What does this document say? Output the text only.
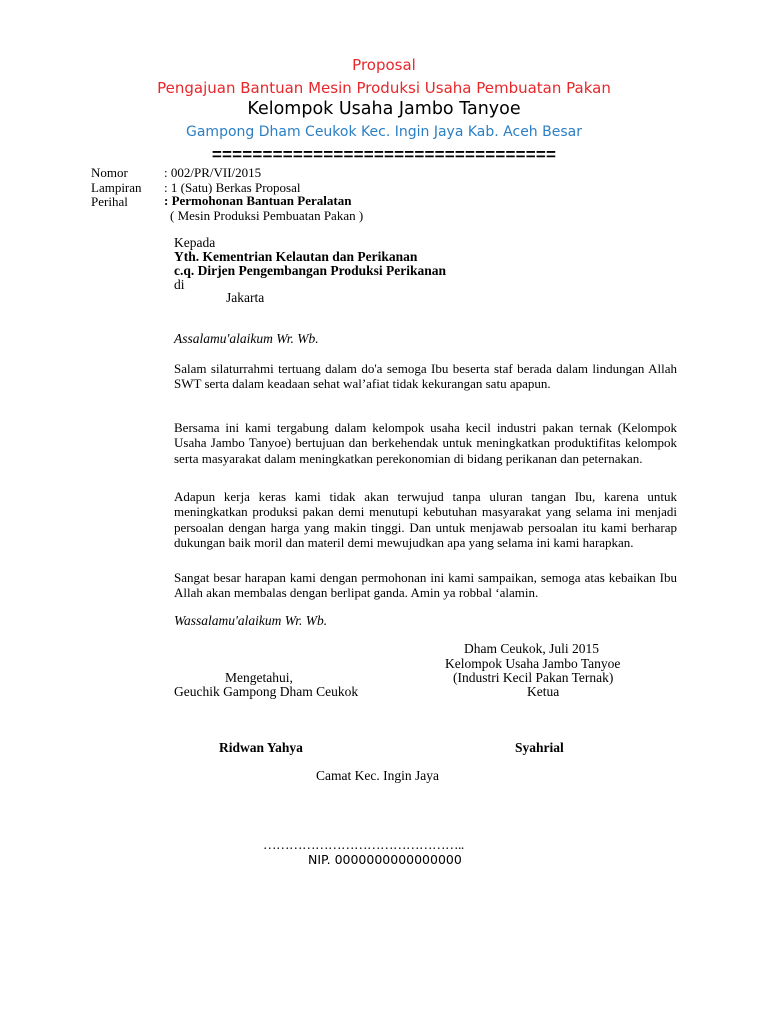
Proposal
Pengajuan Bantuan Mesin Produksi Usaha Pembuatan Pakan
Kelompok Usaha Jambo Tanyoe
Gampong Dham Ceukok Kec. Ingin Jaya Kab. Aceh Besar
==================================
Nomor	: 002/PR/VII/2015
Lampiran : 1 (Satu) Berkas Proposal
Perihal	: Permohonan Bantuan Peralatan
( Mesin Produksi Pembuatan Pakan )
Kepada
Yth. Kementrian Kelautan dan Perikanan
c.q. Dirjen Pengembangan Produksi Perikanan
di
Jakarta
Assalamu'alaikum Wr. Wb.
Salam silaturrahmi tertuang dalam do'a semoga Ibu beserta staf berada dalam lindungan Allah SWT serta dalam keadaan sehat wal’afiat tidak kekurangan satu apapun.
Bersama ini kami tergabung dalam kelompok usaha kecil industri pakan ternak (Kelompok Usaha Jambo Tanyoe) bertujuan dan berkehendak untuk meningkatkan produktifitas kelompok serta masyarakat dalam meningkatkan perekonomian di bidang perikanan dan peternakan.
Adapun kerja keras kami tidak akan terwujud tanpa uluran tangan Ibu, karena untuk meningkatkan produksi pakan demi menutupi kebutuhan masyarakat yang selama ini menjadi persoalan dengan harga yang makin tinggi. Dan untuk menjawab persoalan itu kami berharap dukungan baik moril dan materil demi mewujudkan apa yang selama ini kami harapkan.
Sangat besar harapan kami dengan permohonan ini kami sampaikan, semoga atas kebaikan Ibu Allah akan membalas dengan berlipat ganda. Amin ya robbal ‘alamin.
Wassalamu'alaikum Wr. Wb.
Dham Ceukok, Juli 2015
Kelompok Usaha Jambo Tanyoe
(Industri Kecil Pakan Ternak)
Ketua
Mengetahui,
Geuchik Gampong Dham Ceukok
Ridwan Yahya	Syahrial
Camat Kec. Ingin Jaya
………………………………………..
NIP. 0000000000000000
